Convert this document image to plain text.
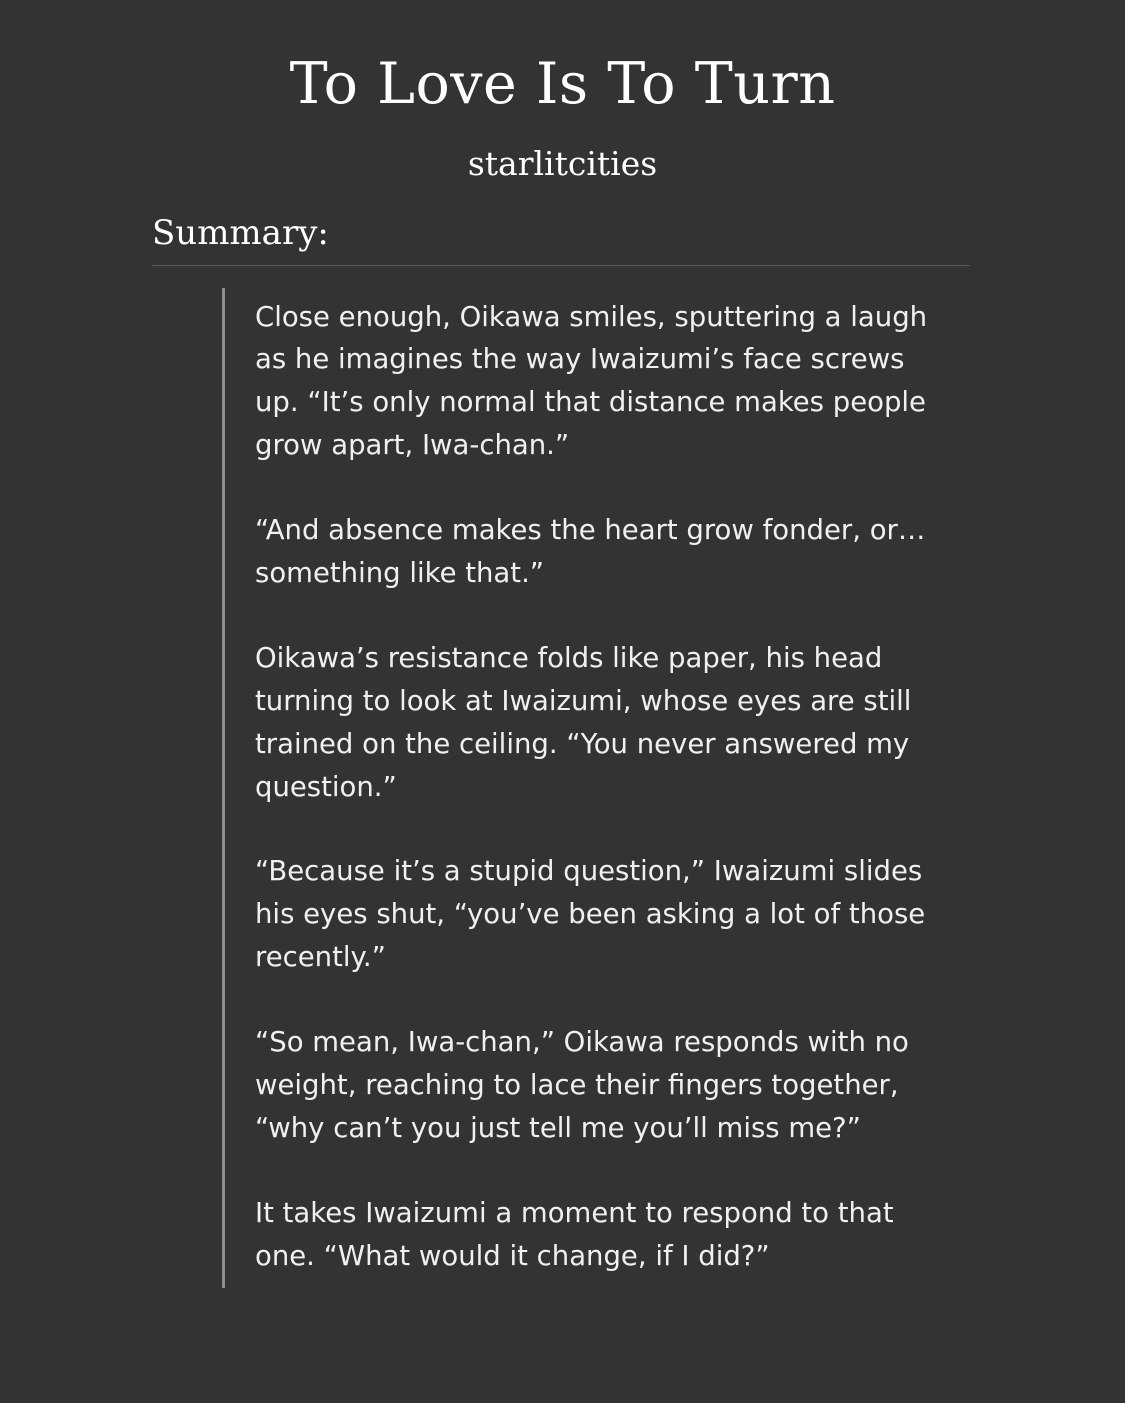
To Love Is To Turn
starlitcities
Summary:

Close enough, Oikawa smiles, sputtering a laugh as he imagines the way Iwaizumi’s face screws up. “It’s only normal that distance makes people grow apart, Iwa-chan.”

“And absence makes the heart grow fonder, or…something like that.”

Oikawa’s resistance folds like paper, his head turning to look at Iwaizumi, whose eyes are still trained on the ceiling. “You never answered my question.”

“Because it’s a stupid question,” Iwaizumi slides his eyes shut, “you’ve been asking a lot of those recently.”

“So mean, Iwa-chan,” Oikawa responds with no weight, reaching to lace their fingers together, “why can’t you just tell me you’ll miss me?”

It takes Iwaizumi a moment to respond to that one. “What would it change, if I did?”
